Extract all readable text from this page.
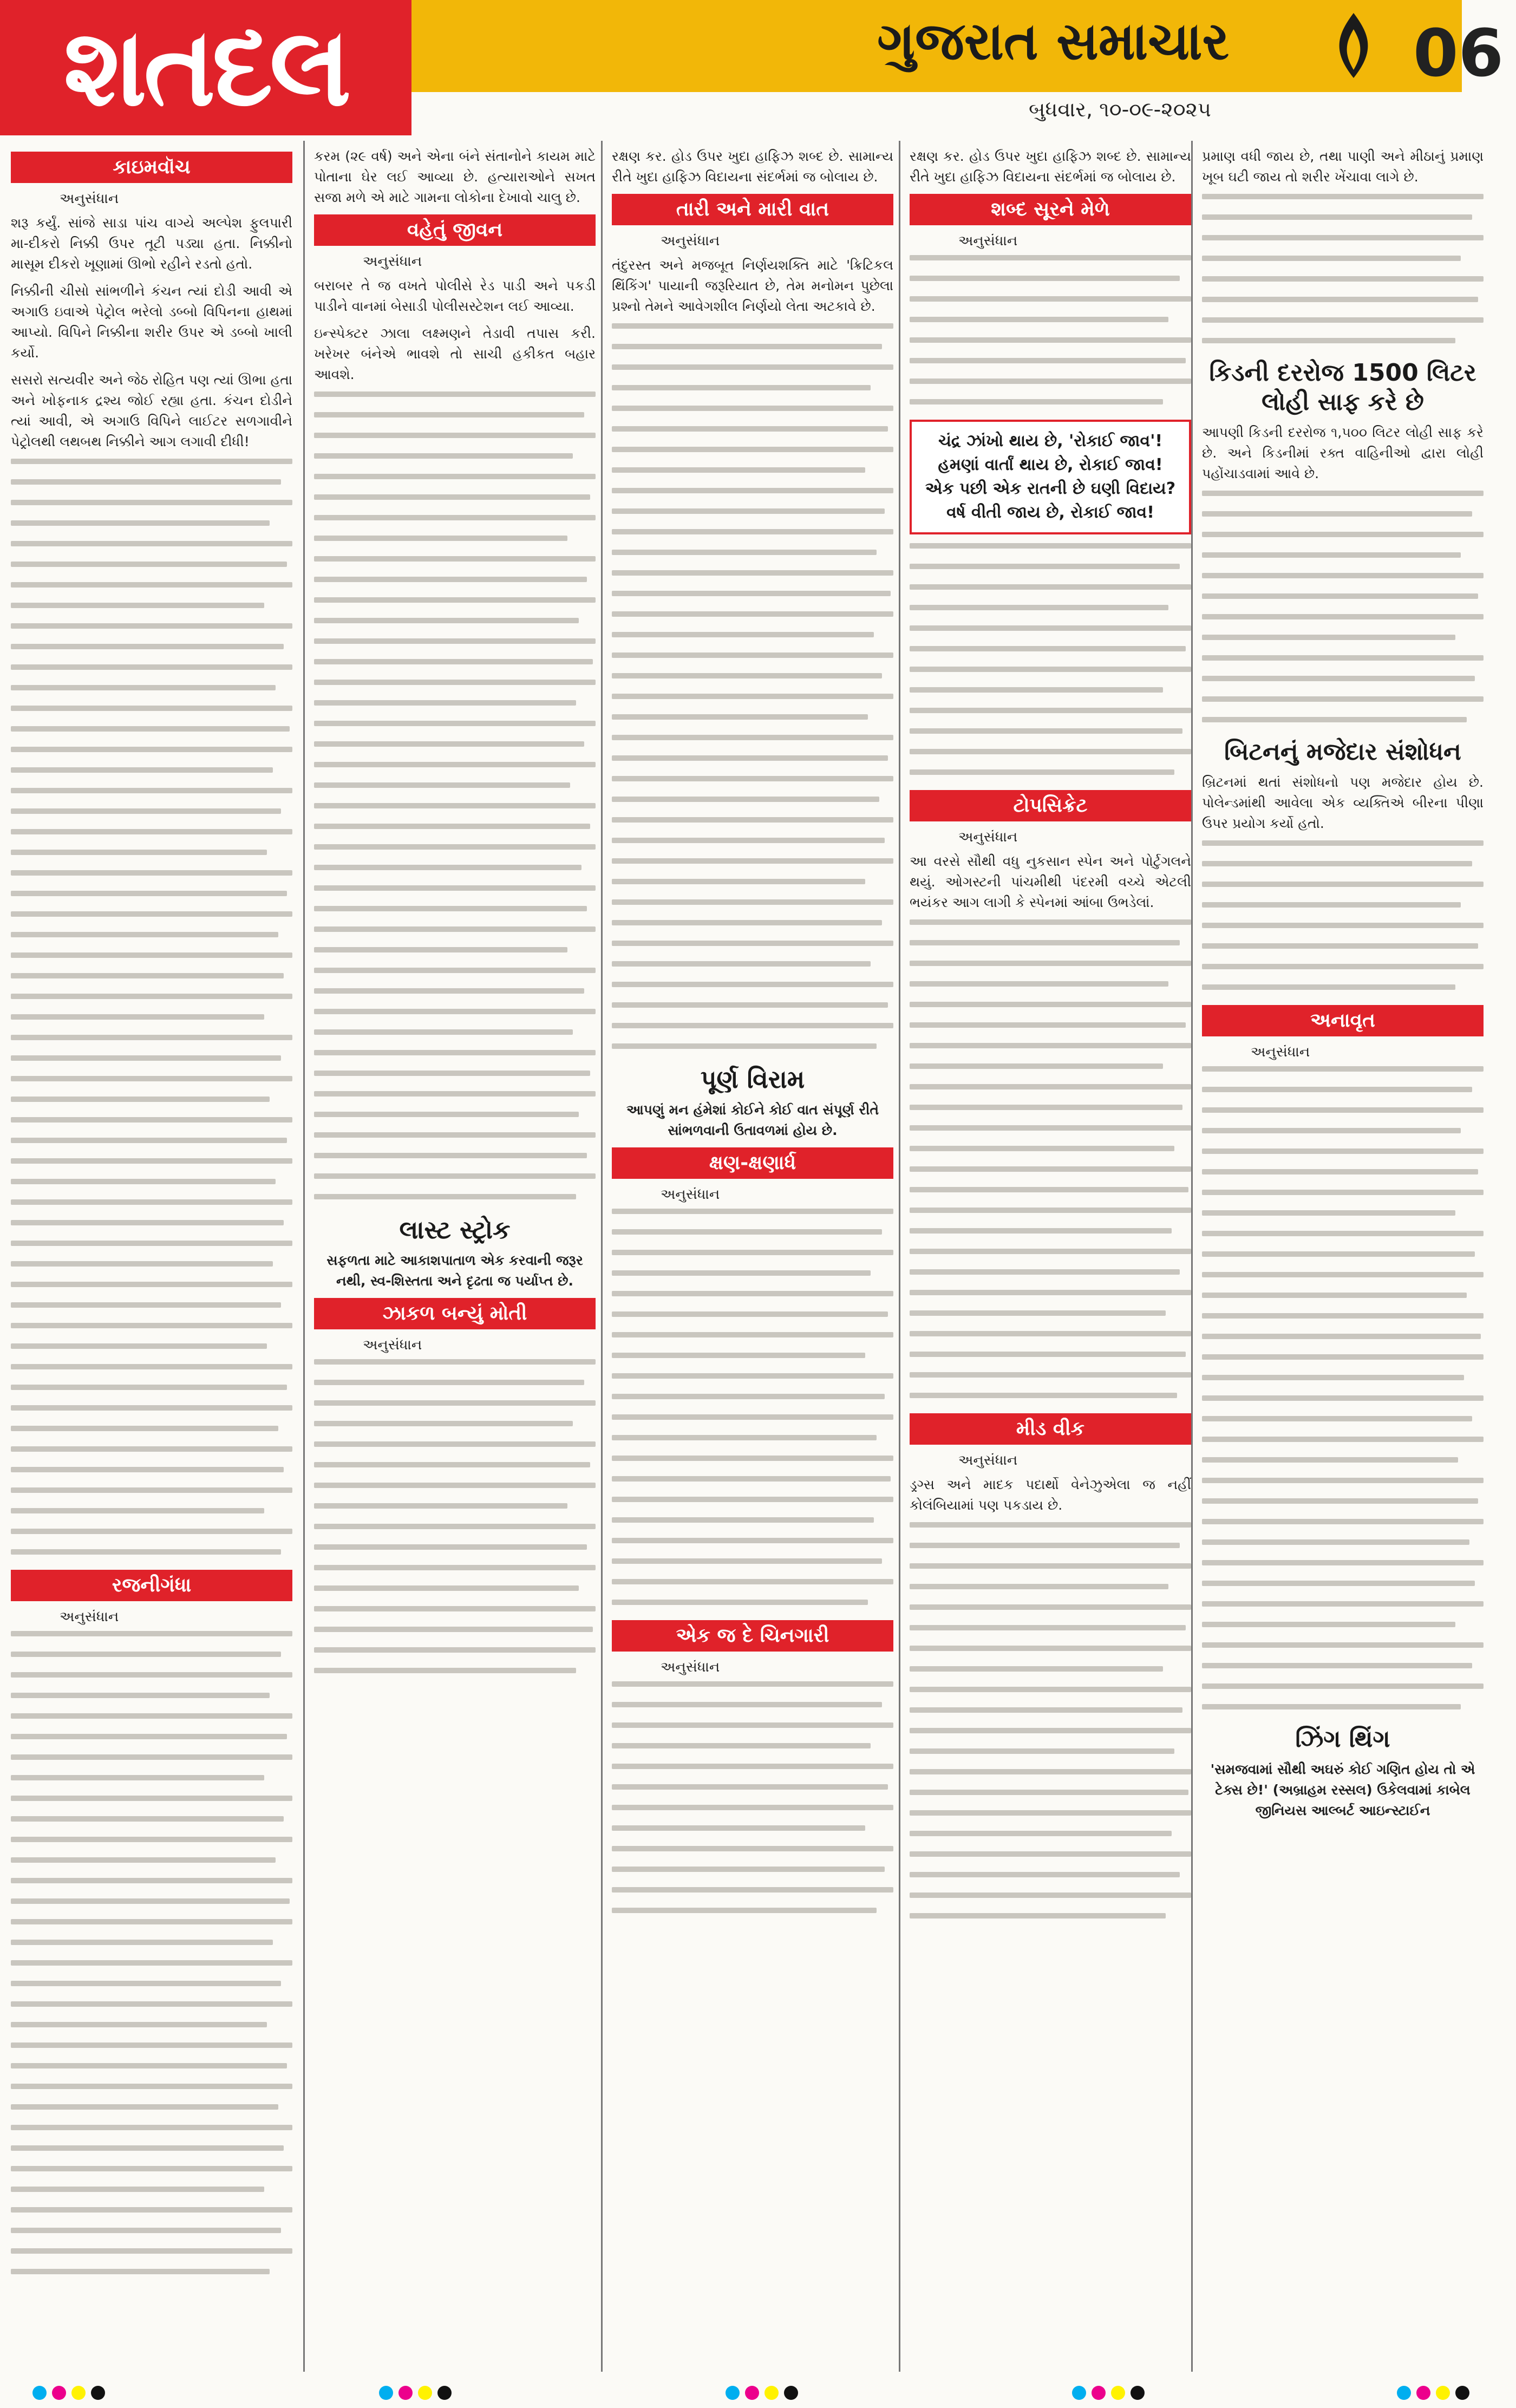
શતદલ	ગુજરાત સમાચાર	06
બુધવાર, ૧૦-૦૯-૨૦૨૫
કાઇમવૉચ
અનુસંધાન

શરૂ કર્યું. સાંજે સાડા પાંચ વાગ્યે અલ્પેશ ફુલપારી મા-દીકરો નિક્કી ઉપર તૂટી પડ્યા હતા. નિક્કીનો માસૂમ દીકરો ખૂણામાં ઊભો રહીને રડતો હતો.

નિક્કીની ચીસો સાંભળીને કંચન ત્યાં દોડી આવી એ અગાઉ ઇવાએ પેટ્રોલ ભરેલો ડબ્બો વિપિનના હાથમાં આપ્યો. વિપિને નિક્કીના શરીર ઉપર એ ડબ્બો ખાલી કર્યો.

સસરો સત્યવીર અને જેઠ રોહિત પણ ત્યાં ઊભા હતા અને ખોફનાક દ્રશ્ય જોઈ રહ્યા હતા. કંચન દોડીને ત્યાં આવી, એ અગાઉ વિપિને લાઈટર સળગાવીને પેટ્રોલથી લથબથ નિક્કીને આગ લગાવી દીધી!

રજનીગંધા
અનુસંધાન

કરમ (૨૯ વર્ષ) અને એના બંને સંતાનોને કાયમ માટે પોતાના ઘેર લઈ આવ્યા છે. હત્યારાઓને સખત સજા મળે એ માટે ગામના લોકોના દેખાવો ચાલુ છે.

વહેતું જીવન
અનુસંધાન

બરાબર તે જ વખતે પોલીસે રેડ પાડી અને પકડી પાડીને વાનમાં બેસાડી પોલીસસ્ટેશન લઈ આવ્યા.

ઇન્સ્પેક્ટર ઝાલા લક્ષ્મણને તેડાવી તપાસ કરી. ખરેખર બંનેએ ભાવશે તો સાચી હકીકત બહાર આવશે.

લાસ્ટ સ્ટ્રોક

સફળતા માટે આકાશપાતાળ એક કરવાની જરૂર નથી, સ્વ-શિસ્તતા અને દૃઢતા જ પર્યાપ્ત છે.

ઝાકળ બન્યું મોતી
અનુસંધાન

રક્ષણ કર. હોડ ઉપર ખુદા હાફિઝ શબ્દ છે. સામાન્ય રીતે ખુદા હાફિઝ વિદાયના સંદર્ભમાં જ બોલાય છે.

તારી અને મારી વાત
અનુસંધાન

તંદુરસ્ત અને મજબૂત નિર્ણયશક્તિ માટે 'ક્રિટિકલ થિંકિંગ' પાયાની જરૂરિયાત છે, તેમ મનોમન પુછેલા પ્રશ્નો તેમને આવેગશીલ નિર્ણયો લેતા અટકાવે છે.

પૂર્ણ વિરામ

આપણું મન હંમેશાં કોઈને કોઈ વાત સંપૂર્ણ રીતે સાંભળવાની ઉતાવળમાં હોય છે.

ક્ષણ-ક્ષણાર્ધ
અનુસંધાન
એક જ દે ચિનગારી
અનુસંધાન

રક્ષણ કર. હોડ ઉપર ખુદા હાફિઝ શબ્દ છે. સામાન્ય રીતે ખુદા હાફિઝ વિદાયના સંદર્ભમાં જ બોલાય છે.

શબ્દ સૂરને મેળે
અનુસંધાન

ચંદ્ર ઝાંખો થાય છે, 'રોકાઈ જાવ'!

હમણાં વાર્તાં થાય છે, રોકાઈ જાવ!

એક પછી એક રાતની છે ઘણી વિદાય?

વર્ષ વીતી જાય છે, રોકાઈ જાવ!

ટોપસિક્રેટ
અનુસંધાન

આ વરસે સૌથી વધુ નુકસાન સ્પેન અને પોર્ટુગલને થયું. ઓગસ્ટની પાંચમીથી પંદરમી વચ્ચે એટલી ભયંકર આગ લાગી કે સ્પેનમાં આંબા ઉભડેલાં.

મીડ વીક
અનુસંધાન

ડ્રગ્સ અને માદક પદાર્થો વેનેઝુએલા જ નહીં કોલંબિયામાં પણ પકડાય છે.

પ્રમાણ વધી જાય છે, તથા પાણી અને મીઠાનું પ્રમાણ ખૂબ ઘટી જાય તો શરીર ખેંચાવા લાગે છે.

કિડની દરરોજ 1500 લિટર લોહી સાફ કરે છે

આપણી કિડની દરરોજ ૧,૫૦૦ લિટર લોહી સાફ કરે છે. અને કિડનીમાં રક્ત વાહિનીઓ દ્વારા લોહી પહોંચાડવામાં આવે છે.

બિટનનું મજેદાર સંશોધન

બ્રિટનમાં થતાં સંશોધનો પણ મજેદાર હોય છે. પોલેન્ડમાંથી આવેલા એક વ્યક્તિએ બીરના પીણા ઉપર પ્રયોગ કર્યો હતો.

અનાવૃત
અનુસંધાન
ઝિંગ થિંગ

'સમજવામાં સૌથી અઘરું કોઈ ગણિત હોય તો એ ટેક્સ છે!' (અબ્રાહમ રસ્સલ) ઉકેલવામાં કાબેલ જીનિયસ આલ્બર્ટ આઇન્સ્ટાઈન
